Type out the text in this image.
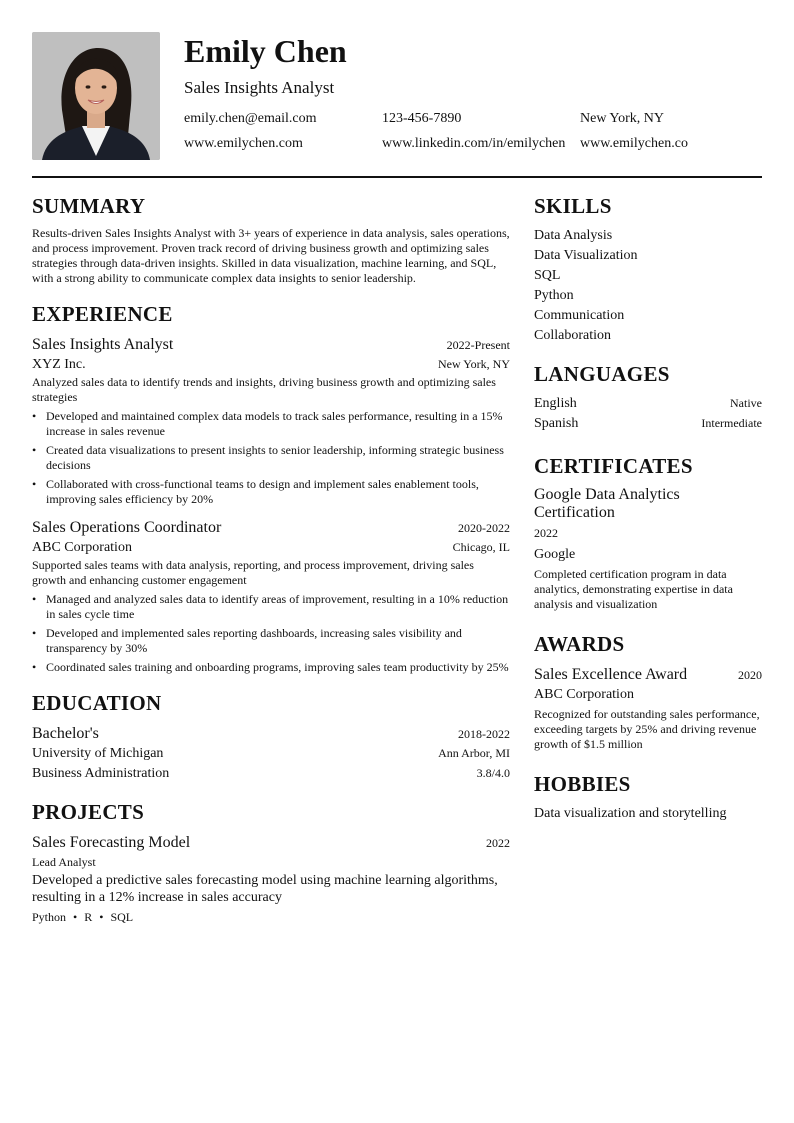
Emily Chen
Sales Insights Analyst
emily.chen@email.com	123-456-7890	New York, NY
www.emilychen.com	www.linkedin.com/in/emilychen	www.emilychen.co
SUMMARY

Results-driven Sales Insights Analyst with 3+ years of experience in data analysis, sales operations, and process improvement. Proven track record of driving business growth and optimizing sales strategies through data-driven insights. Skilled in data visualization, machine learning, and SQL, with a strong ability to communicate complex data insights to senior leadership.

EXPERIENCE
Sales Insights Analyst	2022-Present
XYZ Inc.	New York, NY

Analyzed sales data to identify trends and insights, driving business growth and optimizing sales strategies

• Developed and maintained complex data models to track sales performance, resulting in a 15% increase in sales revenue
• Created data visualizations to present insights to senior leadership, informing strategic business decisions
• Collaborated with cross-functional teams to design and implement sales enablement tools, improving sales efficiency by 20%
Sales Operations Coordinator	2020-2022
ABC Corporation	Chicago, IL

Supported sales teams with data analysis, reporting, and process improvement, driving sales growth and enhancing customer engagement

• Managed and analyzed sales data to identify areas of improvement, resulting in a 10% reduction in sales cycle time
• Developed and implemented sales reporting dashboards, increasing sales visibility and transparency by 30%
• Coordinated sales training and onboarding programs, improving sales team productivity by 25%
EDUCATION
Bachelor's	2018-2022
University of Michigan	Ann Arbor, MI
Business Administration	3.8/4.0
PROJECTS
Sales Forecasting Model	2022

Lead Analyst

Developed a predictive sales forecasting model using machine learning algorithms, resulting in a 12% increase in sales accuracy

Python • R • SQL
SKILLS
Data Analysis
Data Visualization
SQL
Python
Communication
Collaboration
LANGUAGES
English	Native
Spanish	Intermediate
CERTIFICATES
Google Data Analytics Certification
2022
Google

Completed certification program in data analytics, demonstrating expertise in data analysis and visualization

AWARDS
Sales Excellence Award	2020
ABC Corporation

Recognized for outstanding sales performance, exceeding targets by 25% and driving revenue growth of $1.5 million

HOBBIES
Data visualization and storytelling
